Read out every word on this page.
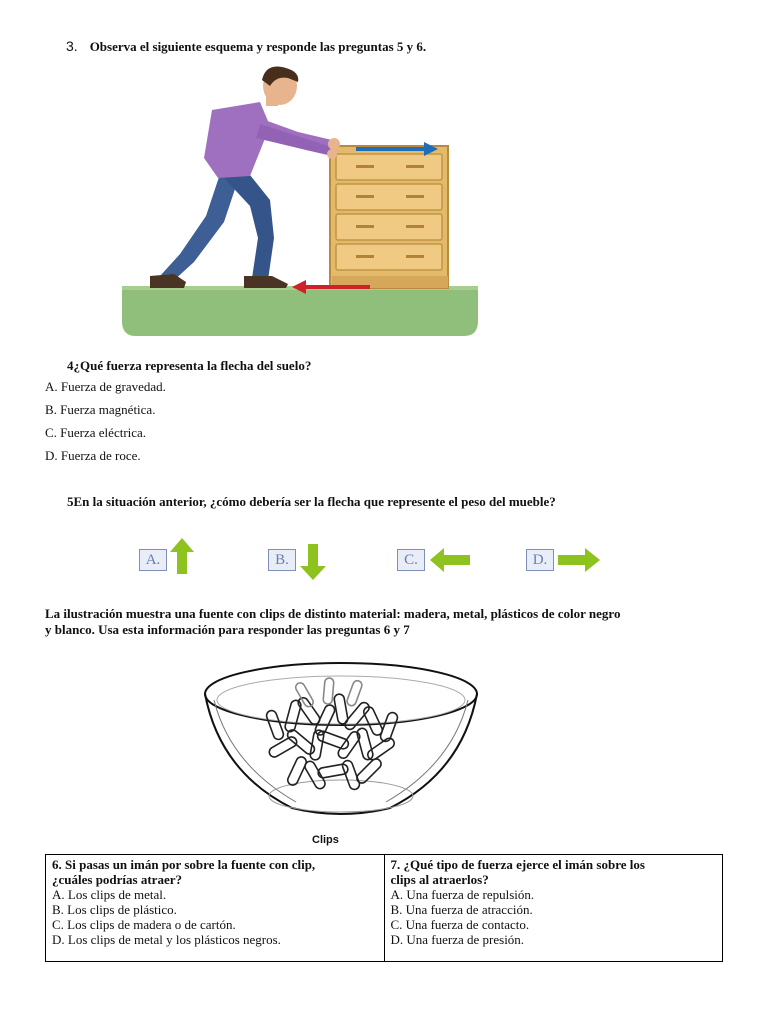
3. Observa el siguiente esquema y responde las preguntas 5 y 6.
4¿Qué fuerza representa la flecha del suelo?
A. Fuerza de gravedad.
B. Fuerza magnética.
C. Fuerza eléctrica.
D. Fuerza de roce.
5En la situación anterior, ¿cómo debería ser la flecha que represente el peso del mueble?
A.	B.	C.	D.
La ilustración muestra una fuente con clips de distinto material: madera, metal, plásticos de color negro
y blanco. Usa esta información para responder las preguntas 6 y 7
Clips
6. Si pasas un imán por sobre la fuente con clip,
¿cuáles podrías atraer?
A. Los clips de metal.
B. Los clips de plástico.
C. Los clips de madera o de cartón.
D. Los clips de metal y los plásticos negros.

7. ¿Qué tipo de fuerza ejerce el imán sobre los
clips al atraerlos?
A. Una fuerza de repulsión.
B. Una fuerza de atracción.
C. Una fuerza de contacto.
D. Una fuerza de presión.
